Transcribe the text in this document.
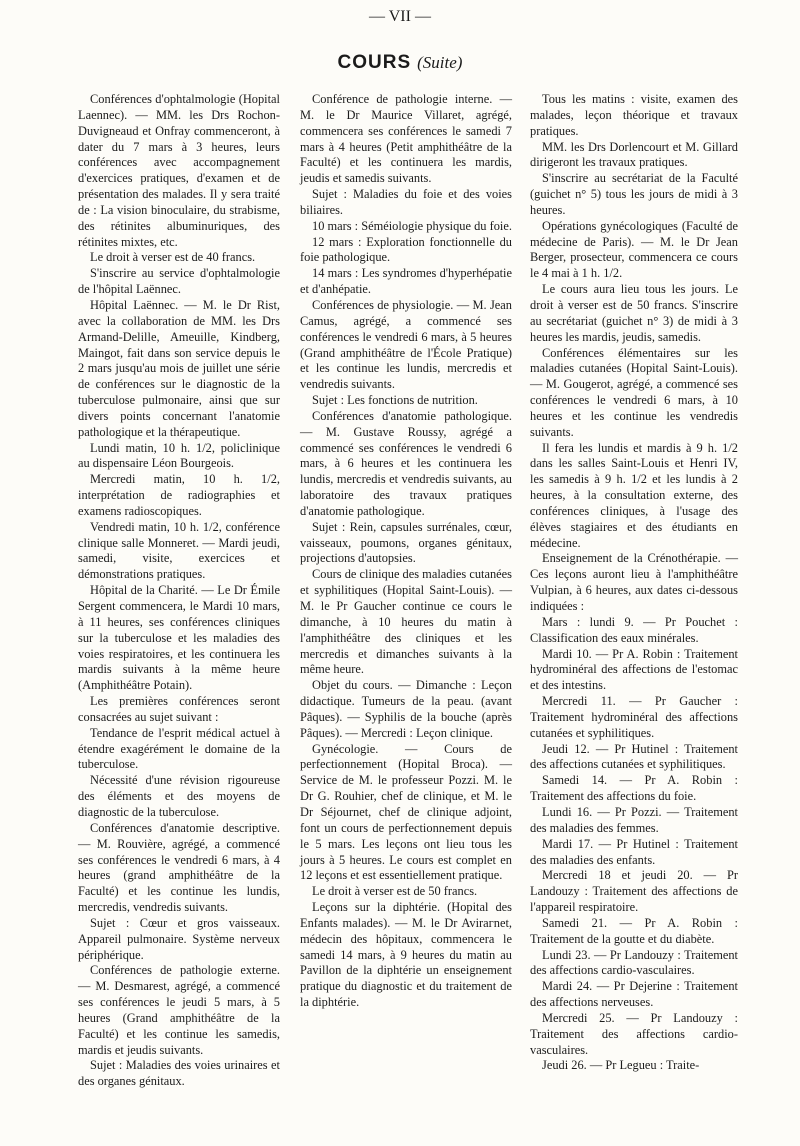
— VII —
COURS (Suite)

Conférences d'ophtalmologie (Hopital Laennec). — MM. les Drs Rochon-Duvigneaud et Onfray commenceront, à dater du 7 mars à 3 heures, leurs conférences avec accompagnement d'exercices pratiques, d'examen et de présentation des malades. Il y sera traité de : La vision binoculaire, du strabisme, des rétinites albuminuriques, des rétinites mixtes, etc.

Le droit à verser est de 40 francs.

S'inscrire au service d'ophtalmologie de l'hôpital Laënnec.

Hôpital Laënnec. — M. le Dr Rist, avec la collaboration de MM. les Drs Armand-Delille, Ameuille, Kindberg, Maingot, fait dans son service depuis le 2 mars jusqu'au mois de juillet une série de conférences sur le diagnostic de la tuberculose pulmonaire, ainsi que sur divers points concernant l'anatomie pathologique et la thérapeutique.

Lundi matin, 10 h. 1/2, policlinique au dispensaire Léon Bourgeois.

Mercredi matin, 10 h. 1/2, interprétation de radiographies et examens radioscopiques.

Vendredi matin, 10 h. 1/2, conférence clinique salle Monneret. — Mardi jeudi, samedi, visite, exercices et démonstrations pratiques.

Hôpital de la Charité. — Le Dr Émile Sergent commencera, le Mardi 10 mars, à 11 heures, ses conférences cliniques sur la tuberculose et les maladies des voies respiratoires, et les continuera les mardis suivants à la même heure (Amphithéâtre Potain).

Les premières conférences seront consacrées au sujet suivant :

Tendance de l'esprit médical actuel à étendre exagérément le domaine de la tuberculose.

Nécessité d'une révision rigoureuse des éléments et des moyens de diagnostic de la tuberculose.

Conférences d'anatomie descriptive. — M. Rouvière, agrégé, a commencé ses conférences le vendredi 6 mars, à 4 heures (grand amphithéâtre de la Faculté) et les continue les lundis, mercredis, vendredis suivants.

Sujet : Cœur et gros vaisseaux. Appareil pulmonaire. Système nerveux périphérique.

Conférences de pathologie externe. — M. Desmarest, agrégé, a commencé ses conférences le jeudi 5 mars, à 5 heures (Grand amphithéâtre de la Faculté) et les continue les samedis, mardis et jeudis suivants.

Sujet : Maladies des voies urinaires et des organes génitaux.

Conférence de pathologie interne. — M. le Dr Maurice Villaret, agrégé, commencera ses conférences le samedi 7 mars à 4 heures (Petit amphithéâtre de la Faculté) et les continuera les mardis, jeudis et samedis suivants.

Sujet : Maladies du foie et des voies biliaires.

10 mars : Séméiologie physique du foie.

12 mars : Exploration fonctionnelle du foie pathologique.

14 mars : Les syndromes d'hyperhépatie et d'anhépatie.

Conférences de physiologie. — M. Jean Camus, agrégé, a commencé ses conférences le vendredi 6 mars, à 5 heures (Grand amphithéâtre de l'École Pratique) et les continue les lundis, mercredis et vendredis suivants.

Sujet : Les fonctions de nutrition.

Conférences d'anatomie pathologique. — M. Gustave Roussy, agrégé a commencé ses conférences le vendredi 6 mars, à 6 heures et les continuera les lundis, mercredis et vendredis suivants, au laboratoire des travaux pratiques d'anatomie pathologique.

Sujet : Rein, capsules surrénales, cœur, vaisseaux, poumons, organes génitaux, projections d'autopsies.

Cours de clinique des maladies cutanées et syphilitiques (Hopital Saint-Louis). — M. le Pr Gaucher continue ce cours le dimanche, à 10 heures du matin à l'amphithéâtre des cliniques et les mercredis et dimanches suivants à la même heure.

Objet du cours. — Dimanche : Leçon didactique. Tumeurs de la peau. (avant Pâques). — Syphilis de la bouche (après Pâques). — Mercredi : Leçon clinique.

Gynécologie. — Cours de perfectionnement (Hopital Broca). — Service de M. le professeur Pozzi. M. le Dr G. Rouhier, chef de clinique, et M. le Dr Séjournet, chef de clinique adjoint, font un cours de perfectionnement depuis le 5 mars. Les leçons ont lieu tous les jours à 5 heures. Le cours est complet en 12 leçons et est essentiellement pratique.

Le droit à verser est de 50 francs.

Leçons sur la diphtérie. (Hopital des Enfants malades). — M. le Dr Avirагnet, médecin des hôpitaux, commencera le samedi 14 mars, à 9 heures du matin au Pavillon de la diphtérie un enseignement pratique du diagnostic et du traitement de la diphtérie.

Tous les matins : visite, examen des malades, leçon théorique et travaux pratiques.

MM. les Drs Dorlencourt et M. Gillard dirigeront les travaux pratiques.

S'inscrire au secrétariat de la Faculté (guichet n° 5) tous les jours de midi à 3 heures.

Opérations gynécologiques (Faculté de médecine de Paris). — M. le Dr Jean Berger, prosecteur, commencera ce cours le 4 mai à 1 h. 1/2.

Le cours aura lieu tous les jours. Le droit à verser est de 50 francs. S'inscrire au secrétariat (guichet n° 3) de midi à 3 heures les mardis, jeudis, samedis.

Conférences élémentaires sur les maladies cutanées (Hopital Saint-Louis). — M. Gougerot, agrégé, a commencé ses conférences le vendredi 6 mars, à 10 heures et les continue les vendredis suivants.

Il fera les lundis et mardis à 9 h. 1/2 dans les salles Saint-Louis et Henri IV, les samedis à 9 h. 1/2 et les lundis à 2 heures, à la consultation externe, des conférences cliniques, à l'usage des élèves stagiaires et des étudiants en médecine.

Enseignement de la Crénothérapie. — Ces leçons auront lieu à l'amphithéâtre Vulpian, à 6 heures, aux dates ci-dessous indiquées :

Mars : lundi 9. — Pr Pouchet : Classification des eaux minérales.

Mardi 10. — Pr A. Robin : Traitement hydrominéral des affections de l'estomac et des intestins.

Mercredi 11. — Pr Gaucher : Traitement hydrominéral des affections cutanées et syphilitiques.

Jeudi 12. — Pr Hutinel : Traitement des affections cutanées et syphilitiques.

Samedi 14. — Pr A. Robin : Traitement des affections du foie.

Lundi 16. — Pr Pozzi. — Traitement des maladies des femmes.

Mardi 17. — Pr Hutinel : Traitement des maladies des enfants.

Mercredi 18 et jeudi 20. — Pr Landouzy : Traitement des affections de l'appareil respiratoire.

Samedi 21. — Pr A. Robin : Traitement de la goutte et du diabète.

Lundi 23. — Pr Landouzy : Traitement des affections cardio-vasculaires.

Mardi 24. — Pr Dejerine : Traitement des affections nerveuses.

Mercredi 25. — Pr Landouzy : Traitement des affections cardio-vasculaires.

Jeudi 26. — Pr Legueu : Traite-
